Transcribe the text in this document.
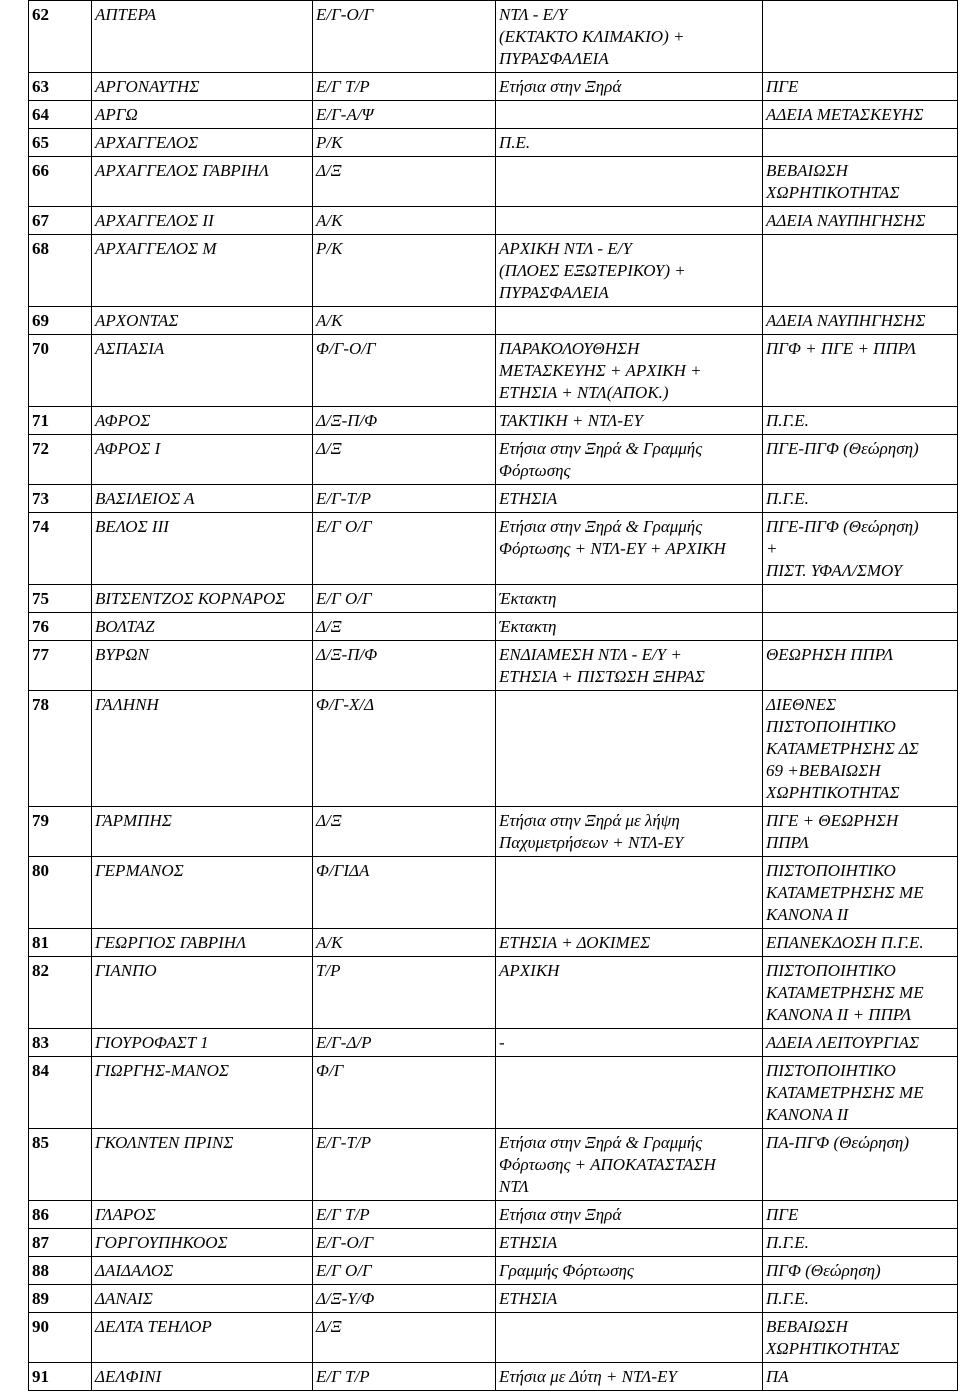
62	ΑΠΤΕΡΑ	Ε/Γ-Ο/Γ	ΝΤΛ - Ε/Υ
(ΕΚΤΑΚΤΟ ΚΛΙΜΑΚΙΟ) +
ΠΥΡΑΣΦΑΛΕΙΑ	
63	ΑΡΓΟΝΑΥΤΗΣ	Ε/Γ Τ/Ρ	Ετήσια στην Ξηρά	ΠΓΕ
64	ΑΡΓΩ	Ε/Γ-Α/Ψ		ΑΔΕΙΑ ΜΕΤΑΣΚΕΥΗΣ
65	ΑΡΧΑΓΓΕΛΟΣ	Ρ/Κ	Π.Ε.	
66	ΑΡΧΑΓΓΕΛΟΣ ΓΑΒΡΙΗΛ	Δ/Ξ		ΒΕΒΑΙΩΣΗ
ΧΩΡΗΤΙΚΟΤΗΤΑΣ
67	ΑΡΧΑΓΓΕΛΟΣ ΙΙ	Α/Κ		ΑΔΕΙΑ ΝΑΥΠΗΓΗΣΗΣ
68	ΑΡΧΑΓΓΕΛΟΣ Μ	Ρ/Κ	ΑΡΧΙΚΗ ΝΤΛ - Ε/Υ
(ΠΛΟΕΣ ΕΞΩΤΕΡΙΚΟΥ) +
ΠΥΡΑΣΦΑΛΕΙΑ	
69	ΑΡΧΟΝΤΑΣ	Α/Κ		ΑΔΕΙΑ ΝΑΥΠΗΓΗΣΗΣ
70	ΑΣΠΑΣΙΑ	Φ/Γ-Ο/Γ	ΠΑΡΑΚΟΛΟΥΘΗΣΗ
ΜΕΤΑΣΚΕΥΗΣ + ΑΡΧΙΚΗ +
ΕΤΗΣΙΑ + ΝΤΛ(ΑΠΟΚ.)	ΠΓΦ + ΠΓΕ + ΠΠΡΛ
71	ΑΦΡΟΣ	Δ/Ξ-Π/Φ	ΤΑΚΤΙΚΗ + ΝΤΛ-ΕΥ	Π.Γ.Ε.
72	ΑΦΡΟΣ Ι	Δ/Ξ	Ετήσια στην Ξηρά & Γραμμής
Φόρτωσης	ΠΓΕ-ΠΓΦ (Θεώρηση)
73	ΒΑΣΙΛΕΙΟΣ Α	Ε/Γ-Τ/Ρ	ΕΤΗΣΙΑ	Π.Γ.Ε.
74	ΒΕΛΟΣ ΙΙΙ	Ε/Γ Ο/Γ	Ετήσια στην Ξηρά & Γραμμής
Φόρτωσης + ΝΤΛ-ΕΥ + ΑΡΧΙΚΗ	ΠΓΕ-ΠΓΦ (Θεώρηση)
+
ΠΙΣΤ. ΥΦΑΛ/ΣΜΟΥ
75	ΒΙΤΣΕΝΤΖΟΣ ΚΟΡΝΑΡΟΣ	Ε/Γ Ο/Γ	Έκτακτη	
76	ΒΟΛΤΑΖ	Δ/Ξ	Έκτακτη	
77	ΒΥΡΩΝ	Δ/Ξ-Π/Φ	ΕΝΔΙΑΜΕΣΗ ΝΤΛ - Ε/Υ +
ΕΤΗΣΙΑ + ΠΙΣΤΩΣΗ ΞΗΡΑΣ	ΘΕΩΡΗΣΗ ΠΠΡΛ
78	ΓΑΛΗΝΗ	Φ/Γ-Χ/Δ		ΔΙΕΘΝΕΣ
ΠΙΣΤΟΠΟΙΗΤΙΚΟ
ΚΑΤΑΜΕΤΡΗΣΗΣ ΔΣ
69 +ΒΕΒΑΙΩΣΗ
ΧΩΡΗΤΙΚΟΤΗΤΑΣ
79	ΓΑΡΜΠΗΣ	Δ/Ξ	Ετήσια στην Ξηρά με λήψη
Παχυμετρήσεων + ΝΤΛ-ΕΥ	ΠΓΕ + ΘΕΩΡΗΣΗ
ΠΠΡΛ
80	ΓΕΡΜΑΝΟΣ	Φ/ΓΙΔΑ		ΠΙΣΤΟΠΟΙΗΤΙΚΟ
ΚΑΤΑΜΕΤΡΗΣΗΣ ΜΕ
ΚΑΝΟΝΑ ΙΙ
81	ΓΕΩΡΓΙΟΣ ΓΑΒΡΙΗΛ	Α/Κ	ΕΤΗΣΙΑ + ΔΟΚΙΜΕΣ	ΕΠΑΝΕΚΔΟΣΗ Π.Γ.Ε.
82	ΓΙΑΝΠΟ	Τ/Ρ	ΑΡΧΙΚΗ	ΠΙΣΤΟΠΟΙΗΤΙΚΟ
ΚΑΤΑΜΕΤΡΗΣΗΣ ΜΕ
ΚΑΝΟΝΑ ΙΙ + ΠΠΡΛ
83	ΓΙΟΥΡΟΦΑΣΤ 1	Ε/Γ-Δ/Ρ	-	ΑΔΕΙΑ ΛΕΙΤΟΥΡΓΙΑΣ
84	ΓΙΩΡΓΗΣ-ΜΑΝΟΣ	Φ/Γ		ΠΙΣΤΟΠΟΙΗΤΙΚΟ
ΚΑΤΑΜΕΤΡΗΣΗΣ ΜΕ
ΚΑΝΟΝΑ ΙΙ
85	ΓΚΟΛΝΤΕΝ ΠΡΙΝΣ	Ε/Γ-Τ/Ρ	Ετήσια στην Ξηρά & Γραμμής
Φόρτωσης + ΑΠΟΚΑΤΑΣΤΑΣΗ
ΝΤΛ	ΠΑ-ΠΓΦ (Θεώρηση)
86	ΓΛΑΡΟΣ	Ε/Γ Τ/Ρ	Ετήσια στην Ξηρά	ΠΓΕ
87	ΓΟΡΓΟΥΠΗΚΟΟΣ	Ε/Γ-Ο/Γ	ΕΤΗΣΙΑ	Π.Γ.Ε.
88	ΔΑΙΔΑΛΟΣ	Ε/Γ Ο/Γ	Γραμμής Φόρτωσης	ΠΓΦ (Θεώρηση)
89	ΔΑΝΑΙΣ	Δ/Ξ-Υ/Φ	ΕΤΗΣΙΑ	Π.Γ.Ε.
90	ΔΕΛΤΑ ΤΕΗΛΟΡ	Δ/Ξ		ΒΕΒΑΙΩΣΗ
ΧΩΡΗΤΙΚΟΤΗΤΑΣ
91	ΔΕΛΦΙΝΙ	Ε/Γ Τ/Ρ	Ετήσια με Δύτη + ΝΤΛ-ΕΥ	ΠΑ
